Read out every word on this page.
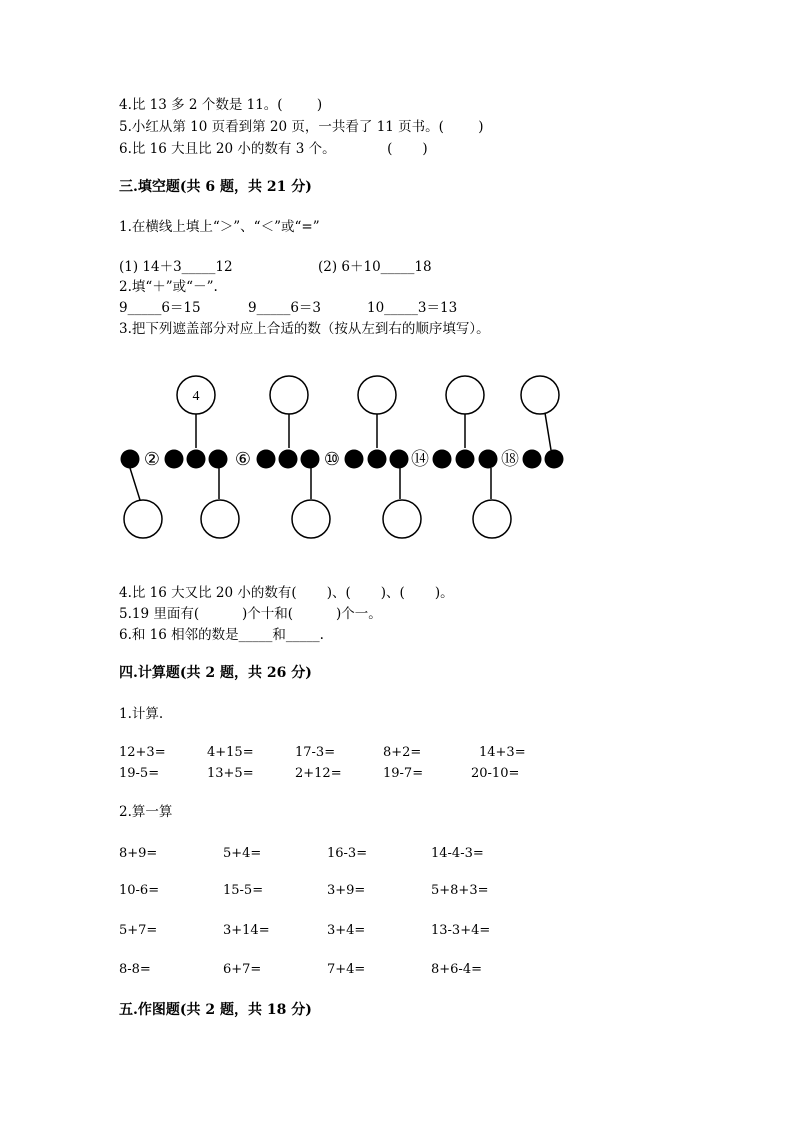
4.比 13 多 2 个数是 11。(        )
5.小红从第 10 页看到第 20 页，一共看了 11 页书。(        )
6.比 16 大且比 20 小的数有 3 个。            (       )
三.填空题(共 6 题，共 21 分)
1.在横线上填上“＞”、“＜”或“=”
(1) 14＋3_____12	(2) 6＋10_____18
2.填“＋”或“－”.
9_____6＝15	9_____6＝3	10_____3＝13
3.把下列遮盖部分对应上合适的数（按从左到右的顺序填写）。
4
②	⑥	⑩	⑭	⑱
4.比 16 大又比 20 小的数有(       )、(       )、(       )。
5.19 里面有(          )个十和(          )个一。
6.和 16 相邻的数是_____和_____.
四.计算题(共 2 题，共 26 分)
1.计算.
12+3=	4+15=	17-3=	8+2=	14+3=
19-5=	13+5=	2+12=	19-7=	20-10=
2.算一算
8+9=	5+4=	16-3=	14-4-3=
10-6=	15-5=	3+9=	5+8+3=
5+7=	3+14=	3+4=	13-3+4=
8-8=	6+7=	7+4=	8+6-4=
五.作图题(共 2 题，共 18 分)
